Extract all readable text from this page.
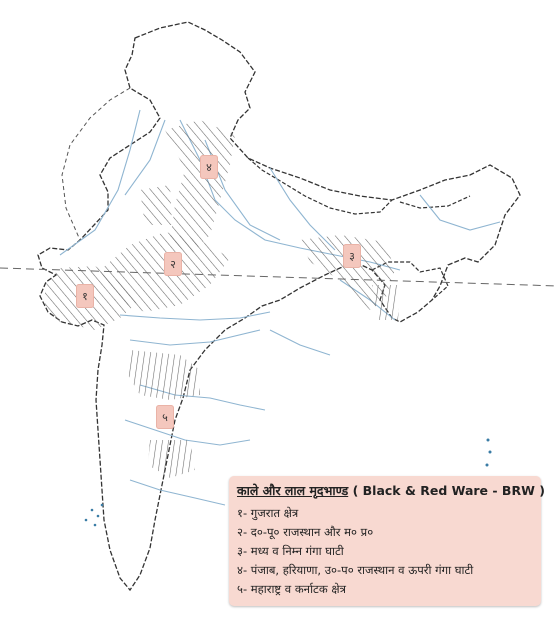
१
२
३
४
५
काले और लाल मृदभाण्ड ( Black & Red Ware - BRW )
१- गुजरात क्षेत्र
२- द०-पू० राजस्थान और म० प्र०
३- मध्य व निम्न गंगा घाटी
४- पंजाब, हरियाणा, उ०-प० राजस्थान व ऊपरी गंगा घाटी
५- महाराष्ट्र व कर्नाटक क्षेत्र
